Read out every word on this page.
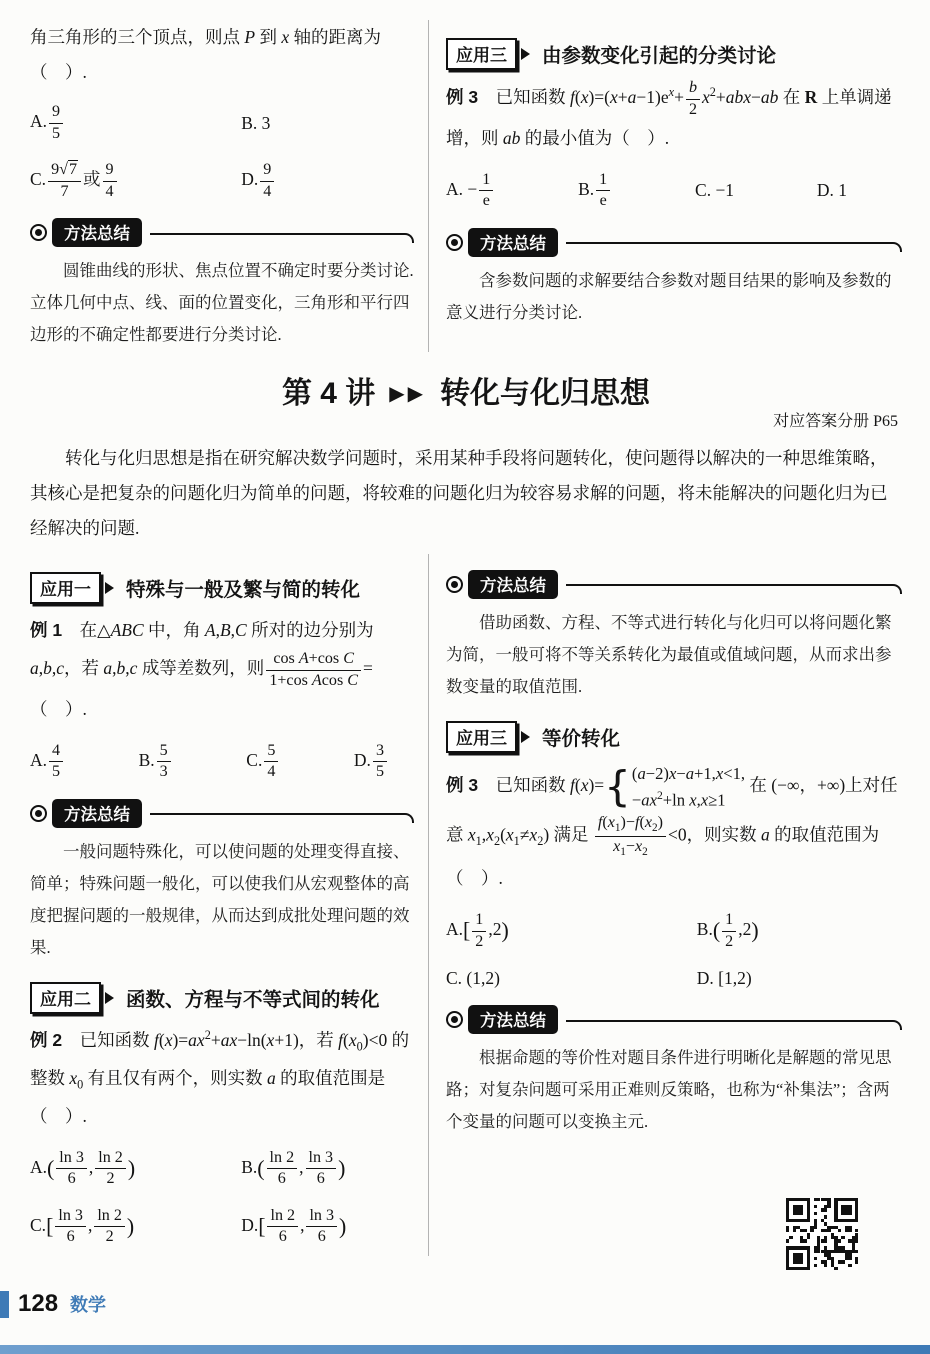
角三角形的三个顶点，则点 P 到 x 轴的距离为（　）.
A. $\frac{9}{5}$	B. 3
C. $\frac{9√7}{7}$ 或 $\frac{9}{4}$	D. $\frac{9}{4}$
方法总结
圆锥曲线的形状、焦点位置不确定时要分类讨论. 立体几何中点、线、面的位置变化，三角形和平行四边形的不确定性都要进行分类讨论.
应用三	由参数变化引起的分类讨论
例 3　已知函数 $f(x)=(x+a-1)e^x+ \frac{b}{2} x^2+abx-ab$ 在 R 上单调递增，则 ab 的最小值为（　）.
A. − $\frac{1}{e}$	B. $\frac{1}{e}$	C. −1	D. 1
方法总结
含参数问题的求解要结合参数对题目结果的影响及参数的意义进行分类讨论.
第 4 讲 ▶▶ 转化与化归思想
对应答案分册 P65
转化与化归思想是指在研究解决数学问题时，采用某种手段将问题转化，使问题得以解决的一种思维策略，其核心是把复杂的问题化归为简单的问题，将较难的问题化归为较容易求解的问题，将未能解决的问题化归为已经解决的问题.
应用一	特殊与一般及繁与简的转化
例 1　在△ABC 中，角 A,B,C 所对的边分别为 a,b,c，若 a,b,c 成等差数列，则 $\frac{\text{cos A+cos C}}{\text{1+cos Acos C}}$ =（　）.
A. $\frac{4}{5}$	B. $\frac{5}{3}$	C. $\frac{5}{4}$	D. $\frac{3}{5}$
方法总结
一般问题特殊化，可以使问题的处理变得直接、简单；特殊问题一般化，可以使我们从宏观整体的高度把握问题的一般规律，从而达到成批处理问题的效果.
应用二	函数、方程与不等式间的转化
例 2　已知函数 $f(x)=ax^2+ax-\ln(x+1)$，若 $f(x_0)<0$ 的整数 $x_0$ 有且仅有两个，则实数 a 的取值范围是（　）.
$A.( \frac{\ln 3}{6}$ , $\frac{\ln 2}{2}$ )	$B.( \frac{\ln 2}{6}$ , $\frac{\ln 3}{6}$ )
$C.[ \frac{\ln 3}{6}$ , $\frac{\ln 2}{2}$ )	$D.[ \frac{\ln 2}{6}$ , $\frac{\ln 3}{6}$ )
方法总结
借助函数、方程、不等式进行转化与化归可以将问题化繁为简，一般可将不等关系转化为最值或值域问题，从而求出参数变量的取值范围.
应用三	等价转化
例 3　已知函数 f(x)= { (a−2)x−a+1,x<1,
$-ax^2+\ln$ x,x≥1
在 (−∞，+∞)上对任意 $x_1,x_2(x_1\ne x_2)$ 满足 $\frac{f(x_1)-f(x_2)}{x_1-x_2} <0$，则实数 a 的取值范围为（　）.
$A.[ \frac{1}{2} ,2)$	$B.( \frac{1}{2} ,2)$
C. (1,2)	D. [1,2)
方法总结
根据命题的等价性对题目条件进行明晰化是解题的常见思路；对复杂问题可采用正难则反策略，也称为“补集法”；含两个变量的问题可以变换主元.
128 数学
